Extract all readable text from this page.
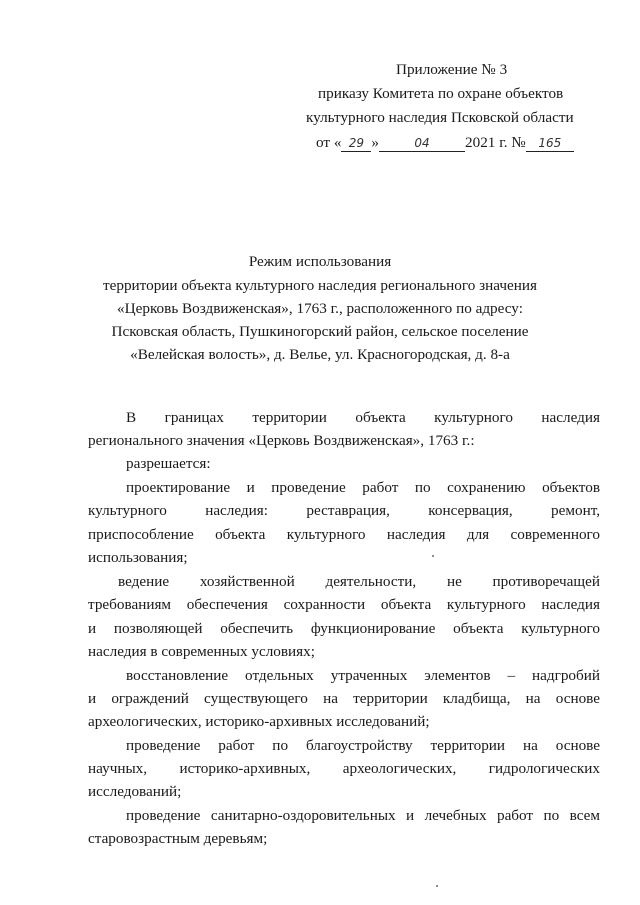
Приложение № 3
приказу Комитета по охране объектов
культурного наследия Псковской области
от « 29 »	04 2021 г. № 165
Режим использования
территории объекта культурного наследия регионального значения
«Церковь Воздвиженская», 1763 г., расположенного по адресу:
Псковская область, Пушкиногорский район, сельское поселение
«Велейская волость», д. Велье, ул. Красногородская, д. 8-а
В границах территории объекта культурного наследия
регионального значения «Церковь Воздвиженская», 1763 г.:
разрешается:
проектирование и проведение работ по сохранению объектов
культурного наследия: реставрация, консервация, ремонт,
приспособление объекта культурного наследия для современного
использования;
ведение хозяйственной деятельности, не противоречащей
требованиям обеспечения сохранности объекта культурного наследия
и позволяющей обеспечить функционирование объекта культурного
наследия в современных условиях;
восстановление отдельных утраченных элементов – надгробий
и ограждений существующего на территории кладбища, на основе
археологических, историко-архивных исследований;
проведение работ по благоустройству территории на основе
научных, историко-архивных, археологических, гидрологических
исследований;
проведение санитарно-оздоровительных и лечебных работ по всем
старовозрастным деревьям;
